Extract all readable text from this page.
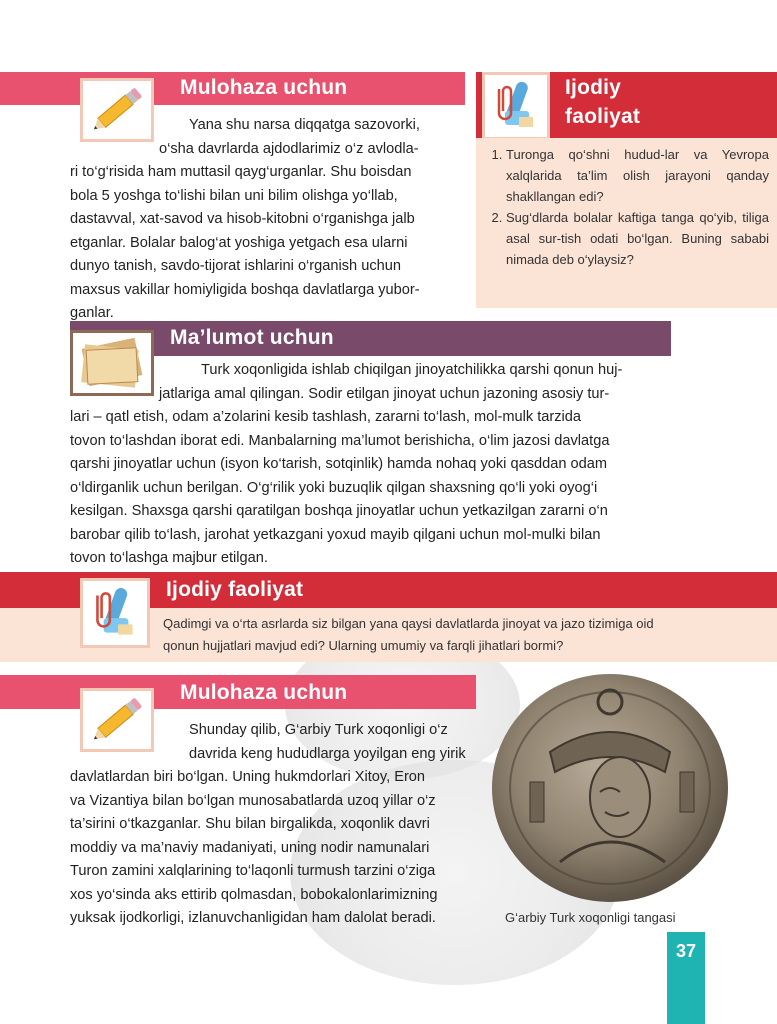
Mulohaza uchun

Yana shu narsa diqqatga sazovorki,

o‘sha davrlarda ajdodlarimiz o‘z avlodla-

ri to‘g‘risida ham muttasil qayg‘urganlar. Shu boisdan

bola 5 yoshga to‘lishi bilan uni bilim olishga yo‘llab,

dastavval, xat-savod va hisob-kitobni o‘rganishga jalb

etganlar. Bolalar balog‘at yoshiga yetgach esa ularni

dunyo tanish, savdo-tijorat ishlarini o‘rganish uchun

maxsus vakillar homiyligida boshqa davlatlarga yubor-

ganlar.

Ijodiy
faoliyat
1. Turonga qo‘shni hudud-lar va Yevropa xalqlarida ta’lim olish jarayoni qanday shakllangan edi?
2. Sug‘dlarda bolalar kaftiga tanga qo‘yib, tiliga asal sur-tish odati bo‘lgan. Buning sababi nimada deb o‘ylaysiz?
Ma’lumot uchun

Turk xoqonligida ishlab chiqilgan jinoyatchilikka qarshi qonun huj-

jatlariga amal qilingan. Sodir etilgan jinoyat uchun jazoning asosiy tur-

lari – qatl etish, odam a’zolarini kesib tashlash, zararni to‘lash, mol-mulk tarzida

tovon to‘lashdan iborat edi. Manbalarning ma’lumot berishicha, o‘lim jazosi davlatga

qarshi jinoyatlar uchun (isyon ko‘tarish, sotqinlik) hamda nohaq yoki qasddan odam

o‘ldirganlik uchun berilgan. O‘g‘rilik yoki buzuqlik qilgan shaxsning qo‘li yoki oyog‘i

kesilgan. Shaxsga qarshi qaratilgan boshqa jinoyatlar uchun yetkazilgan zararni o‘n

barobar qilib to‘lash, jarohat yetkazgani yoxud mayib qilgani uchun mol-mulki bilan

tovon to‘lashga majbur etilgan.

Ijodiy faoliyat
Qadimgi va o‘rta asrlarda siz bilgan yana qaysi davlatlarda jinoyat va jazo tizimiga oid
qonun hujjatlari mavjud edi? Ularning umumiy va farqli jihatlari bormi?
Mulohaza uchun

Shunday qilib, G‘arbiy Turk xoqonligi o‘z

davrida keng hududlarga yoyilgan eng yirik

davlatlardan biri bo‘lgan. Uning hukmdorlari Xitoy, Eron

va Vizantiya bilan bo‘lgan munosabatlarda uzoq yillar o‘z

ta’sirini o‘tkazganlar. Shu bilan birgalikda, xoqonlik davri

moddiy va ma’naviy madaniyati, uning nodir namunalari

Turon zamini xalqlarining to‘laqonli turmush tarzini o‘ziga

xos yo‘sinda aks ettirib qolmasdan, bobokalonlarimizning

yuksak ijodkorligi, izlanuvchanligidan ham dalolat beradi.	G‘arbiy Turk xoqonligi tangasi
37
